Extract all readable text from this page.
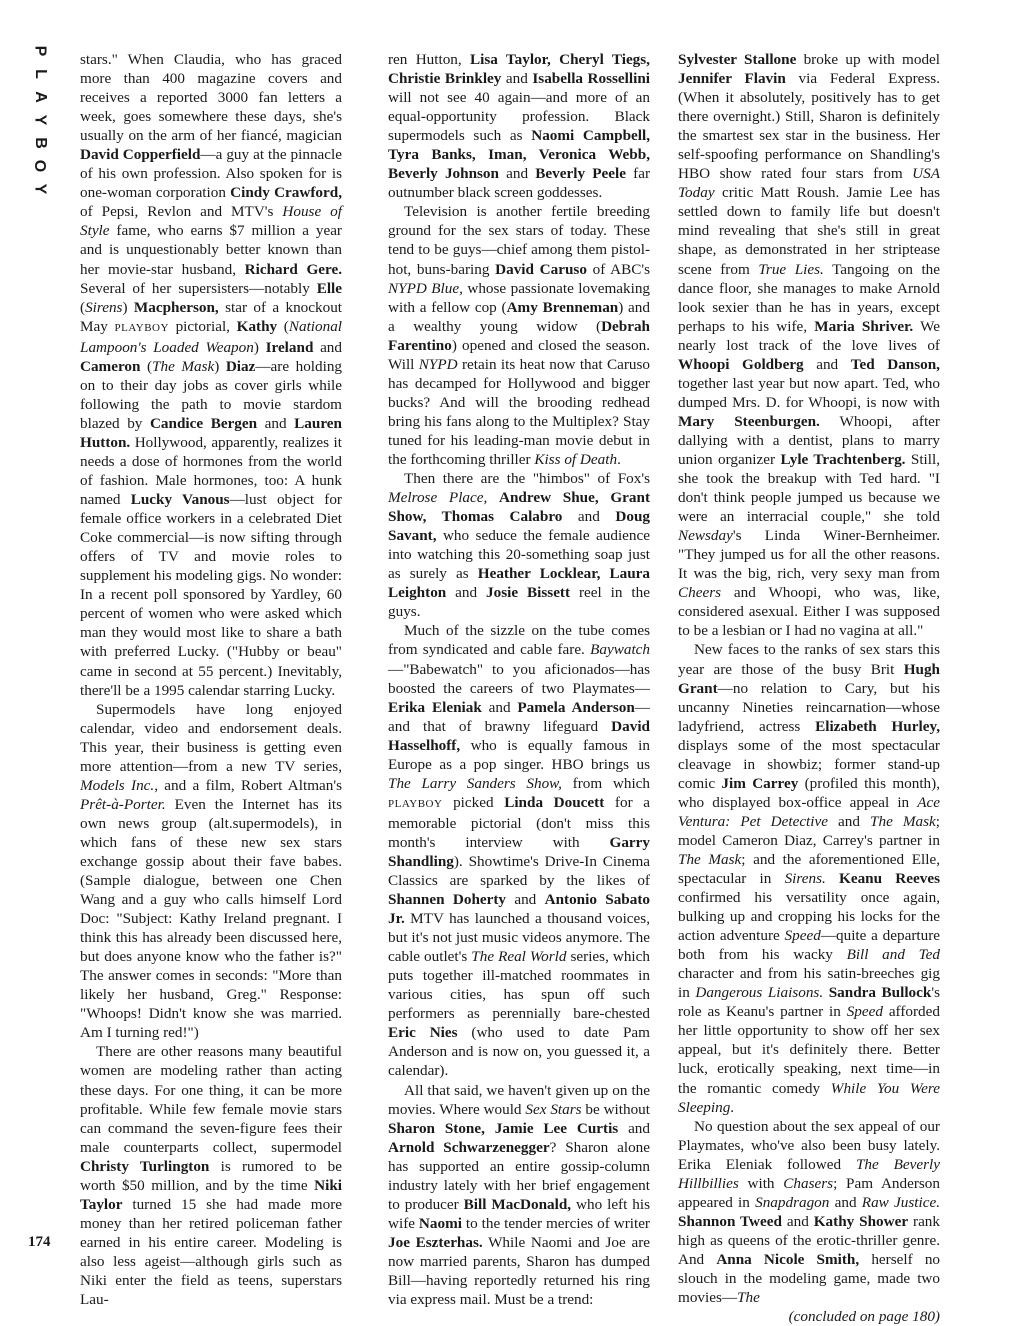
P
L
A
Y
B
O
Y
174

stars." When Claudia, who has graced more than 400 magazine covers and receives a reported 3000 fan letters a week, goes somewhere these days, she's usually on the arm of her fiancé, magician David Copperfield—a guy at the pinnacle of his own profession. Also spoken for is one-woman corporation Cindy Crawford, of Pepsi, Revlon and MTV's House of Style fame, who earns $7 million a year and is unquestionably better known than her movie-star husband, Richard Gere. Several of her supersisters—notably Elle (Sirens) Macpherson, star of a knockout May PLAYBOY pictorial, Kathy (National Lampoon's Loaded Weapon) Ireland and Cameron (The Mask) Diaz—are holding on to their day jobs as cover girls while following the path to movie stardom blazed by Candice Bergen and Lauren Hutton. Hollywood, apparently, realizes it needs a dose of hormones from the world of fashion. Male hormones, too: A hunk named Lucky Vanous—lust object for female office workers in a celebrated Diet Coke commercial—is now sifting through offers of TV and movie roles to supplement his modeling gigs. No wonder: In a recent poll sponsored by Yardley, 60 percent of women who were asked which man they would most like to share a bath with preferred Lucky. ("Hubby or beau" came in second at 55 percent.) Inevitably, there'll be a 1995 calendar starring Lucky.

Supermodels have long enjoyed calendar, video and endorsement deals. This year, their business is getting even more attention—from a new TV series, Models Inc., and a film, Robert Altman's Prêt-à-Porter. Even the Internet has its own news group (alt.supermodels), in which fans of these new sex stars exchange gossip about their fave babes. (Sample dialogue, between one Chen Wang and a guy who calls himself Lord Doc: "Subject: Kathy Ireland pregnant. I think this has already been discussed here, but does anyone know who the father is?" The answer comes in seconds: "More than likely her husband, Greg." Response: "Whoops! Didn't know she was married. Am I turning red!")

There are other reasons many beautiful women are modeling rather than acting these days. For one thing, it can be more profitable. While few female movie stars can command the seven-figure fees their male counterparts collect, supermodel Christy Turlington is rumored to be worth $50 million, and by the time Niki Taylor turned 15 she had made more money than her retired policeman father earned in his entire career. Modeling is also less ageist—although girls such as Niki enter the field as teens, superstars Lau-

ren Hutton, Lisa Taylor, Cheryl Tiegs, Christie Brinkley and Isabella Rossellini will not see 40 again—and more of an equal-opportunity profession. Black supermodels such as Naomi Campbell, Tyra Banks, Iman, Veronica Webb, Beverly Johnson and Beverly Peele far outnumber black screen goddesses.

Television is another fertile breeding ground for the sex stars of today. These tend to be guys—chief among them pistol-hot, buns-baring David Caruso of ABC's NYPD Blue, whose passionate lovemaking with a fellow cop (Amy Brenneman) and a wealthy young widow (Debrah Farentino) opened and closed the season. Will NYPD retain its heat now that Caruso has decamped for Hollywood and bigger bucks? And will the brooding redhead bring his fans along to the Multiplex? Stay tuned for his leading-man movie debut in the forthcoming thriller Kiss of Death.

Then there are the "himbos" of Fox's Melrose Place, Andrew Shue, Grant Show, Thomas Calabro and Doug Savant, who seduce the female audience into watching this 20-something soap just as surely as Heather Locklear, Laura Leighton and Josie Bissett reel in the guys.

Much of the sizzle on the tube comes from syndicated and cable fare. Baywatch—"Babewatch" to you aficionados—has boosted the careers of two Playmates—Erika Eleniak and Pamela Anderson—and that of brawny lifeguard David Hasselhoff, who is equally famous in Europe as a pop singer. HBO brings us The Larry Sanders Show, from which PLAYBOY picked Linda Doucett for a memorable pictorial (don't miss this month's interview with Garry Shandling). Showtime's Drive-In Cinema Classics are sparked by the likes of Shannen Doherty and Antonio Sabato Jr. MTV has launched a thousand voices, but it's not just music videos anymore. The cable outlet's The Real World series, which puts together ill-matched roommates in various cities, has spun off such performers as perennially bare-chested Eric Nies (who used to date Pam Anderson and is now on, you guessed it, a calendar).

All that said, we haven't given up on the movies. Where would Sex Stars be without Sharon Stone, Jamie Lee Curtis and Arnold Schwarzenegger? Sharon alone has supported an entire gossip-column industry lately with her brief engagement to producer Bill MacDonald, who left his wife Naomi to the tender mercies of writer Joe Eszterhas. While Naomi and Joe are now married parents, Sharon has dumped Bill—having reportedly returned his ring via express mail. Must be a trend:

Sylvester Stallone broke up with model Jennifer Flavin via Federal Express. (When it absolutely, positively has to get there overnight.) Still, Sharon is definitely the smartest sex star in the business. Her self-spoofing performance on Shandling's HBO show rated four stars from USA Today critic Matt Roush. Jamie Lee has settled down to family life but doesn't mind revealing that she's still in great shape, as demonstrated in her striptease scene from True Lies. Tangoing on the dance floor, she manages to make Arnold look sexier than he has in years, except perhaps to his wife, Maria Shriver. We nearly lost track of the love lives of Whoopi Goldberg and Ted Danson, together last year but now apart. Ted, who dumped Mrs. D. for Whoopi, is now with Mary Steenburgen. Whoopi, after dallying with a dentist, plans to marry union organizer Lyle Trachtenberg. Still, she took the breakup with Ted hard. "I don't think people jumped us because we were an interracial couple," she told Newsday's Linda Winer-Bernheimer. "They jumped us for all the other reasons. It was the big, rich, very sexy man from Cheers and Whoopi, who was, like, considered asexual. Either I was supposed to be a lesbian or I had no vagina at all."

New faces to the ranks of sex stars this year are those of the busy Brit Hugh Grant—no relation to Cary, but his uncanny Nineties reincarnation—whose ladyfriend, actress Elizabeth Hurley, displays some of the most spectacular cleavage in showbiz; former stand-up comic Jim Carrey (profiled this month), who displayed box-office appeal in Ace Ventura: Pet Detective and The Mask; model Cameron Diaz, Carrey's partner in The Mask; and the aforementioned Elle, spectacular in Sirens. Keanu Reeves confirmed his versatility once again, bulking up and cropping his locks for the action adventure Speed—quite a departure both from his wacky Bill and Ted character and from his satin-breeches gig in Dangerous Liaisons. Sandra Bullock's role as Keanu's partner in Speed afforded her little opportunity to show off her sex appeal, but it's definitely there. Better luck, erotically speaking, next time—in the romantic comedy While You Were Sleeping.

No question about the sex appeal of our Playmates, who've also been busy lately. Erika Eleniak followed The Beverly Hillbillies with Chasers; Pam Anderson appeared in Snapdragon and Raw Justice. Shannon Tweed and Kathy Shower rank high as queens of the erotic-thriller genre. And Anna Nicole Smith, herself no slouch in the modeling game, made two movies—The

(concluded on page 180)
